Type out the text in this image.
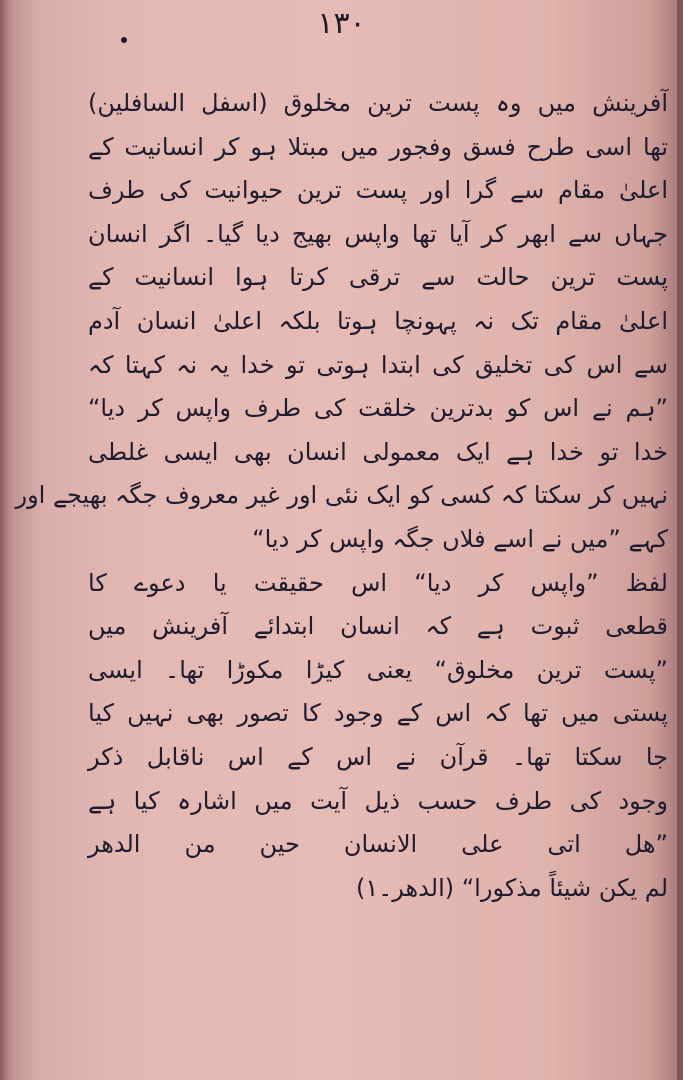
۱۳۰
آفرینش میں وہ پست ترین مخلوق (اسفل السافلین)
تھا اسی طرح فسق وفجور میں مبتلا ہو کر انسانیت کے
اعلیٰ مقام سے گرا اور پست ترین حیوانیت کی طرف
جہاں سے ابھر کر آیا تھا واپس بھیج دیا گیا۔ اگر انسان
پست ترین حالت سے ترقی کرتا ہوا انسانیت کے
اعلیٰ مقام تک نہ پہونچا ہوتا بلکہ اعلیٰ انسان آدم
سے اس کی تخلیق کی ابتدا ہوتی تو خدا یہ نہ کہتا کہ
”ہم نے اس کو بدترین خلقت کی طرف واپس کر دیا“
خدا تو خدا ہے ایک معمولی انسان بھی ایسی غلطی
نہیں کر سکتا کہ کسی کو ایک نئی اور غیر معروف جگہ بھیجے اور
کہے ”میں نے اسے فلاں جگہ واپس کر دیا“
لفظ ”واپس کر دیا“ اس حقیقت یا دعوے کا
قطعی ثبوت ہے کہ انسان ابتدائے آفرینش میں
”پست ترین مخلوق“ یعنی کیڑا مکوڑا تھا۔ ایسی
پستی میں تھا کہ اس کے وجود کا تصور بھی نہیں کیا
جا سکتا تھا۔ قرآن نے اس کے اس ناقابل ذکر
وجود کی طرف حسب ذیل آیت میں اشارہ کیا ہے
”ھل اتی علی الانسان حین من الدھر
لم یکن شیئاً مذکورا“ (الدھر۔۱)
